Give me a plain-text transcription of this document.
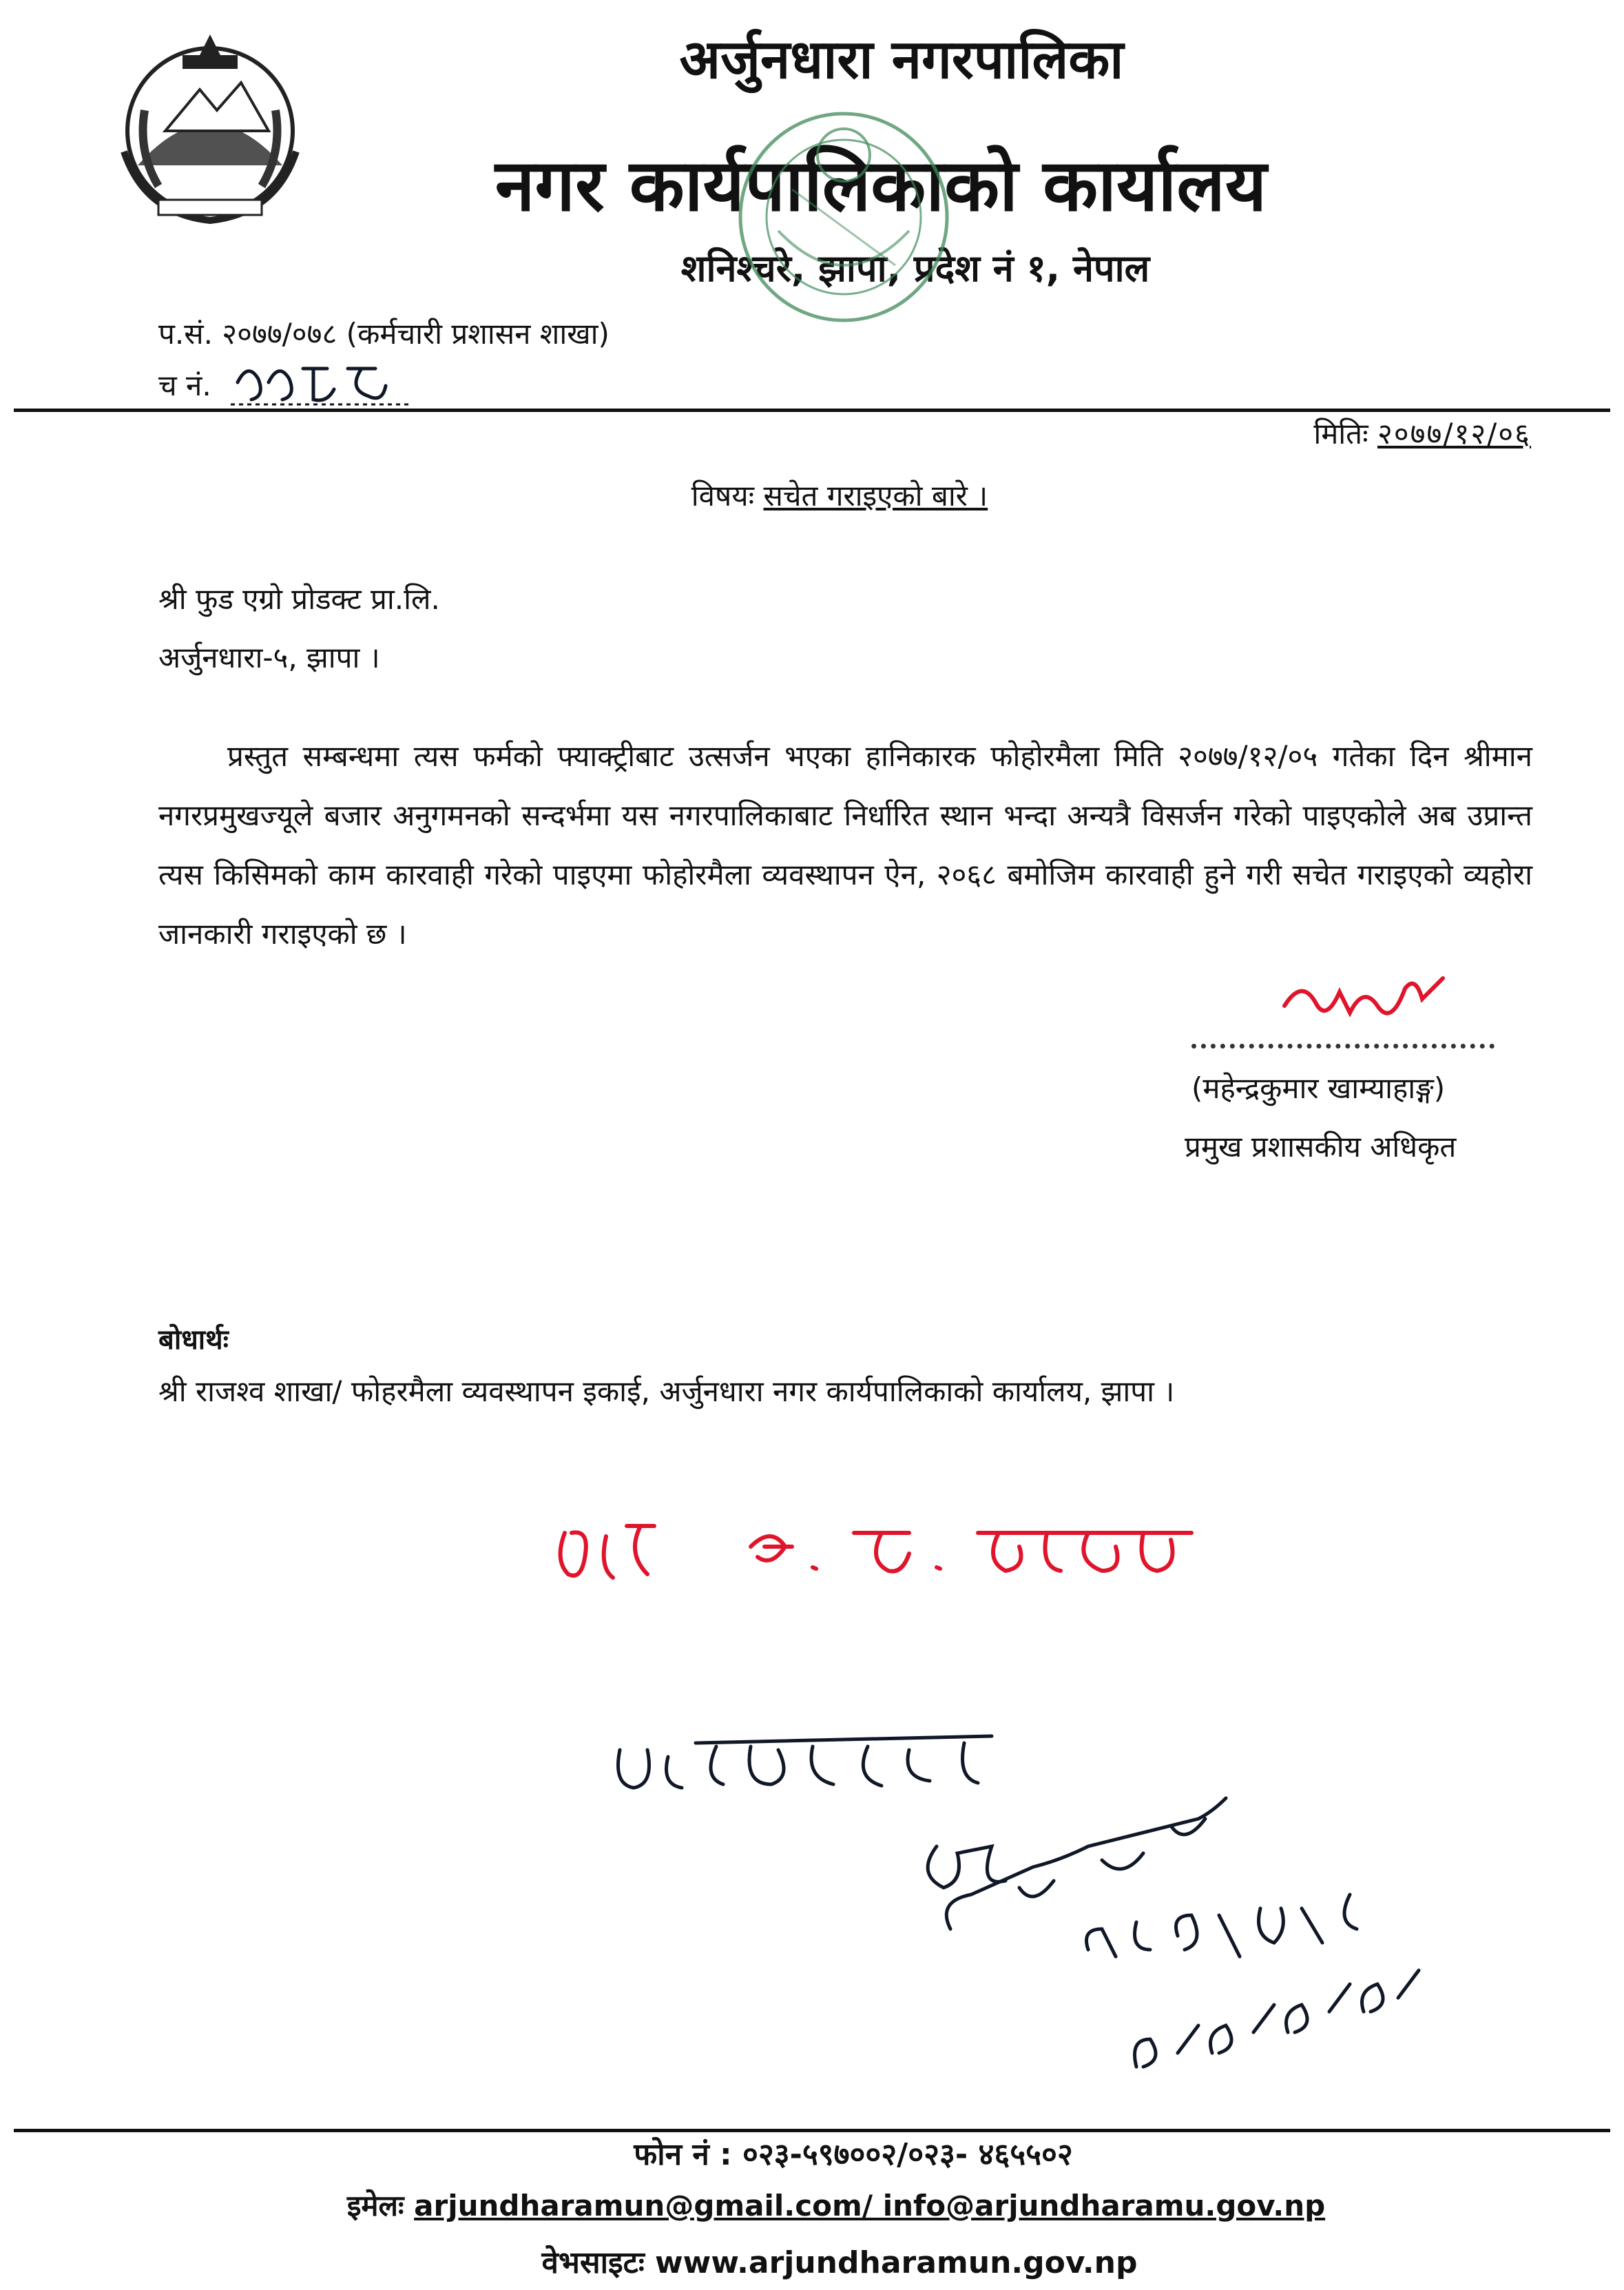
अर्जुनधारा नगरपालिका
नगर कार्यपालिकाको कार्यालय
शनिश्चरे, झापा, प्रदेश नं १, नेपाल
प.सं. २०७७/०७८ (कर्मचारी प्रशासन शाखा)
च नं.
मितिः २०७७/१२/०६
विषयः सचेत गराइएको बारे ।
श्री फुड एग्रो प्रोडक्ट प्रा.लि.
अर्जुनधारा-५, झापा ।
प्रस्तुत सम्बन्धमा त्यस फर्मको फ्याक्ट्रीबाट उत्सर्जन भएका हानिकारक फोहोरमैला मिति २०७७/१२/०५ गतेका दिन श्रीमान नगरप्रमुखज्यूले बजार अनुगमनको सन्दर्भमा यस नगरपालिकाबाट निर्धारित स्थान भन्दा अन्यत्रै विसर्जन गरेको पाइएकोले अब उप्रान्त त्यस किसिमको काम कारवाही गरेको पाइएमा फोहोरमैला व्यवस्थापन ऐन, २०६८ बमोजिम कारवाही हुने गरी सचेत गराइएको व्यहोरा जानकारी गराइएको छ ।
(महेन्द्रकुमार खाम्याहाङ्ग)
प्रमुख प्रशासकीय अधिकृत
बोधार्थः
श्री राजश्व शाखा/ फोहरमैला व्यवस्थापन इकाई, अर्जुनधारा नगर कार्यपालिकाको कार्यालय, झापा ।
फोन नं : ०२३-५९७००२/०२३- ४६५५०२
इमेलः arjundharamun@gmail.com/ info@arjundharamu.gov.np
वेभसाइटः www.arjundharamun.gov.np
